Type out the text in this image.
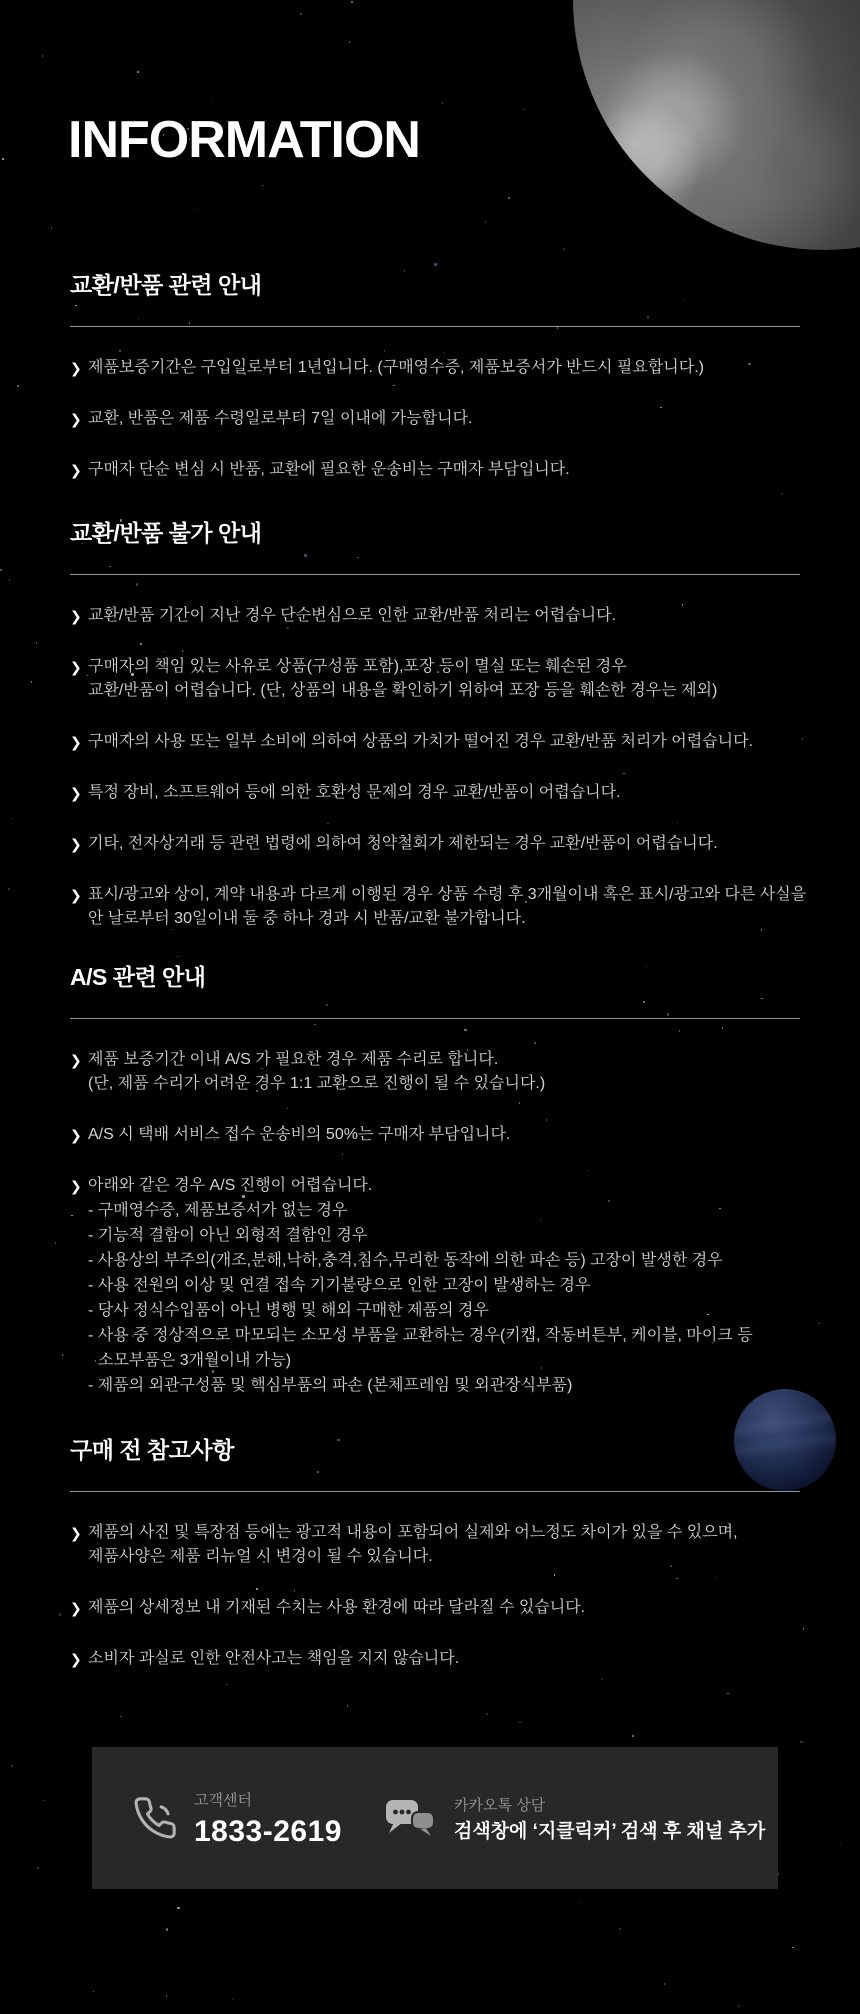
INFORMATION
교환/반품 관련 안내
❯ 제품보증기간은 구입일로부터 1년입니다. (구매영수증, 제품보증서가 반드시 필요합니다.)
❯ 교환, 반품은 제품 수령일로부터 7일 이내에 가능합니다.
❯ 구매자 단순 변심 시 반품, 교환에 필요한 운송비는 구매자 부담입니다.
교환/반품 불가 안내
❯ 교환/반품 기간이 지난 경우 단순변심으로 인한 교환/반품 처리는 어렵습니다.
❯ 구매자의 책임 있는 사유로 상품(구성품 포함),포장 등이 멸실 또는 훼손된 경우
교환/반품이 어렵습니다. (단, 상품의 내용을 확인하기 위하여 포장 등을 훼손한 경우는 제외)
❯ 구매자의 사용 또는 일부 소비에 의하여 상품의 가치가 떨어진 경우 교환/반품 처리가 어렵습니다.
❯ 특정 장비, 소프트웨어 등에 의한 호환성 문제의 경우 교환/반품이 어렵습니다.
❯ 기타, 전자상거래 등 관련 법령에 의하여 청약철회가 제한되는 경우 교환/반품이 어렵습니다.
❯ 표시/광고와 상이, 계약 내용과 다르게 이행된 경우 상품 수령 후 3개월이내 혹은 표시/광고와 다른 사실을
안 날로부터 30일이내 둘 중 하나 경과 시 반품/교환 불가합니다.
A/S 관련 안내
❯ 제품 보증기간 이내 A/S 가 필요한 경우 제품 수리로 합니다.
(단, 제품 수리가 어려운 경우 1:1 교환으로 진행이 될 수 있습니다.)
❯ A/S 시 택배 서비스 접수 운송비의 50%는 구매자 부담입니다.
❯ 아래와 같은 경우 A/S 진행이 어렵습니다.
- 구매영수증, 제품보증서가 없는 경우
- 기능적 결함이 아닌 외형적 결함인 경우
- 사용상의 부주의(개조,분해,낙하,충격,침수,무리한 동작에 의한 파손 등) 고장이 발생한 경우
- 사용 전원의 이상 및 연결 접속 기기불량으로 인한 고장이 발생하는 경우
- 당사 정식수입품이 아닌 병행 및 해외 구매한 제품의 경우
- 사용 중 정상적으로 마모되는 소모성 부품을 교환하는 경우(키캡, 작동버튼부, 케이블, 마이크 등
소모부품은 3개월이내 가능)
- 제품의 외관구성품 및 핵심부품의 파손 (본체프레임 및 외관장식부품)
구매 전 참고사항
❯ 제품의 사진 및 특장점 등에는 광고적 내용이 포함되어 실제와 어느정도 차이가 있을 수 있으며,
제품사양은 제품 리뉴얼 시 변경이 될 수 있습니다.
❯ 제품의 상세정보 내 기재된 수치는 사용 환경에 따라 달라질 수 있습니다.
❯ 소비자 과실로 인한 안전사고는 책임을 지지 않습니다.
고객센터
1833-2619
카카오톡 상담
검색창에 ‘지클릭커’ 검색 후 채널 추가
